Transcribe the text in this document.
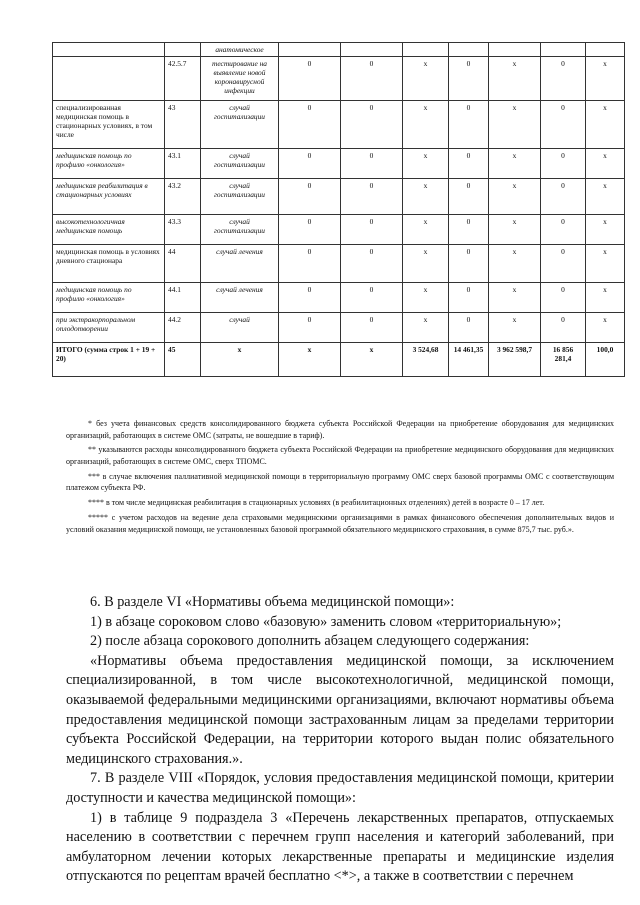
		анатомическое							
	42.5.7	тестирование на выявление новой коронавирусной инфекции	0	0	х	0	х	0	х
специализированная медицинская помощь в стационарных условиях, в том числе	43	случай госпитализации	0	0	х	0	х	0	х
медицинская помощь по профилю «онкология»	43.1	случай госпитализации	0	0	х	0	х	0	х
медицинская реабилитация в стационарных условиях	43.2	случай госпитализации	0	0	х	0	х	0	х
высокотехнологичная медицинская помощь	43.3	случай госпитализации	0	0	х	0	х	0	х
медицинская помощь в условиях дневного стационара	44	случай лечения	0	0	х	0	х	0	х
медицинская помощь по профилю «онкология»	44.1	случай лечения	0	0	х	0	х	0	х
при экстракорпоральном оплодотворении	44.2	случай	0	0	х	0	х	0	х
ИТОГО (сумма строк 1 + 19 + 20)	45	х	х	х	3 524,68	14 461,35	3 962 598,7	16 856 281,4	100,0

* без учета финансовых средств консолидированного бюджета субъекта Российской Федерации на приобретение оборудования для медицинских организаций, работающих в системе ОМС (затраты, не вошедшие в тариф).

** указываются расходы консолидированного бюджета субъекта Российской Федерации на приобретение медицинского оборудования для медицинских организаций, работающих в системе ОМС, сверх ТПОМС.

*** в случае включения паллиативной медицинской помощи в территориальную программу ОМС сверх базовой программы ОМС с соответствующим платежом субъекта РФ.

**** в том числе медицинская реабилитация в стационарных условиях (в реабилитационных отделениях) детей в возрасте 0 – 17 лет.

***** с учетом расходов на ведение дела страховыми медицинскими организациями в рамках финансового обеспечения дополнительных видов и условий оказания медицинской помощи, не установленных базовой программой обязательного медицинского страхования, в сумме 875,7 тыс. руб.».

6. В разделе VI «Нормативы объема медицинской помощи»:

1) в абзаце сороковом слово «базовую» заменить словом «территориальную»;

2) после абзаца сорокового дополнить абзацем следующего содержания:

«Нормативы объема предоставления медицинской помощи, за исключением специализированной, в том числе высокотехнологичной, медицинской помощи, оказываемой федеральными медицинскими организациями, включают нормативы объема предоставления медицинской помощи застрахованным лицам за пределами территории субъекта Российской Федерации, на территории которого выдан полис обязательного медицинского страхования.».

7. В разделе VIII «Порядок, условия предоставления медицинской помощи, критерии доступности и качества медицинской помощи»:

1) в таблице 9 подраздела 3 «Перечень лекарственных препаратов, отпускаемых населению в соответствии с перечнем групп населения и категорий заболеваний, при амбулаторном лечении которых лекарственные препараты и медицинские изделия отпускаются по рецептам врачей бесплатно <*>, а также в соответствии с перечнем
